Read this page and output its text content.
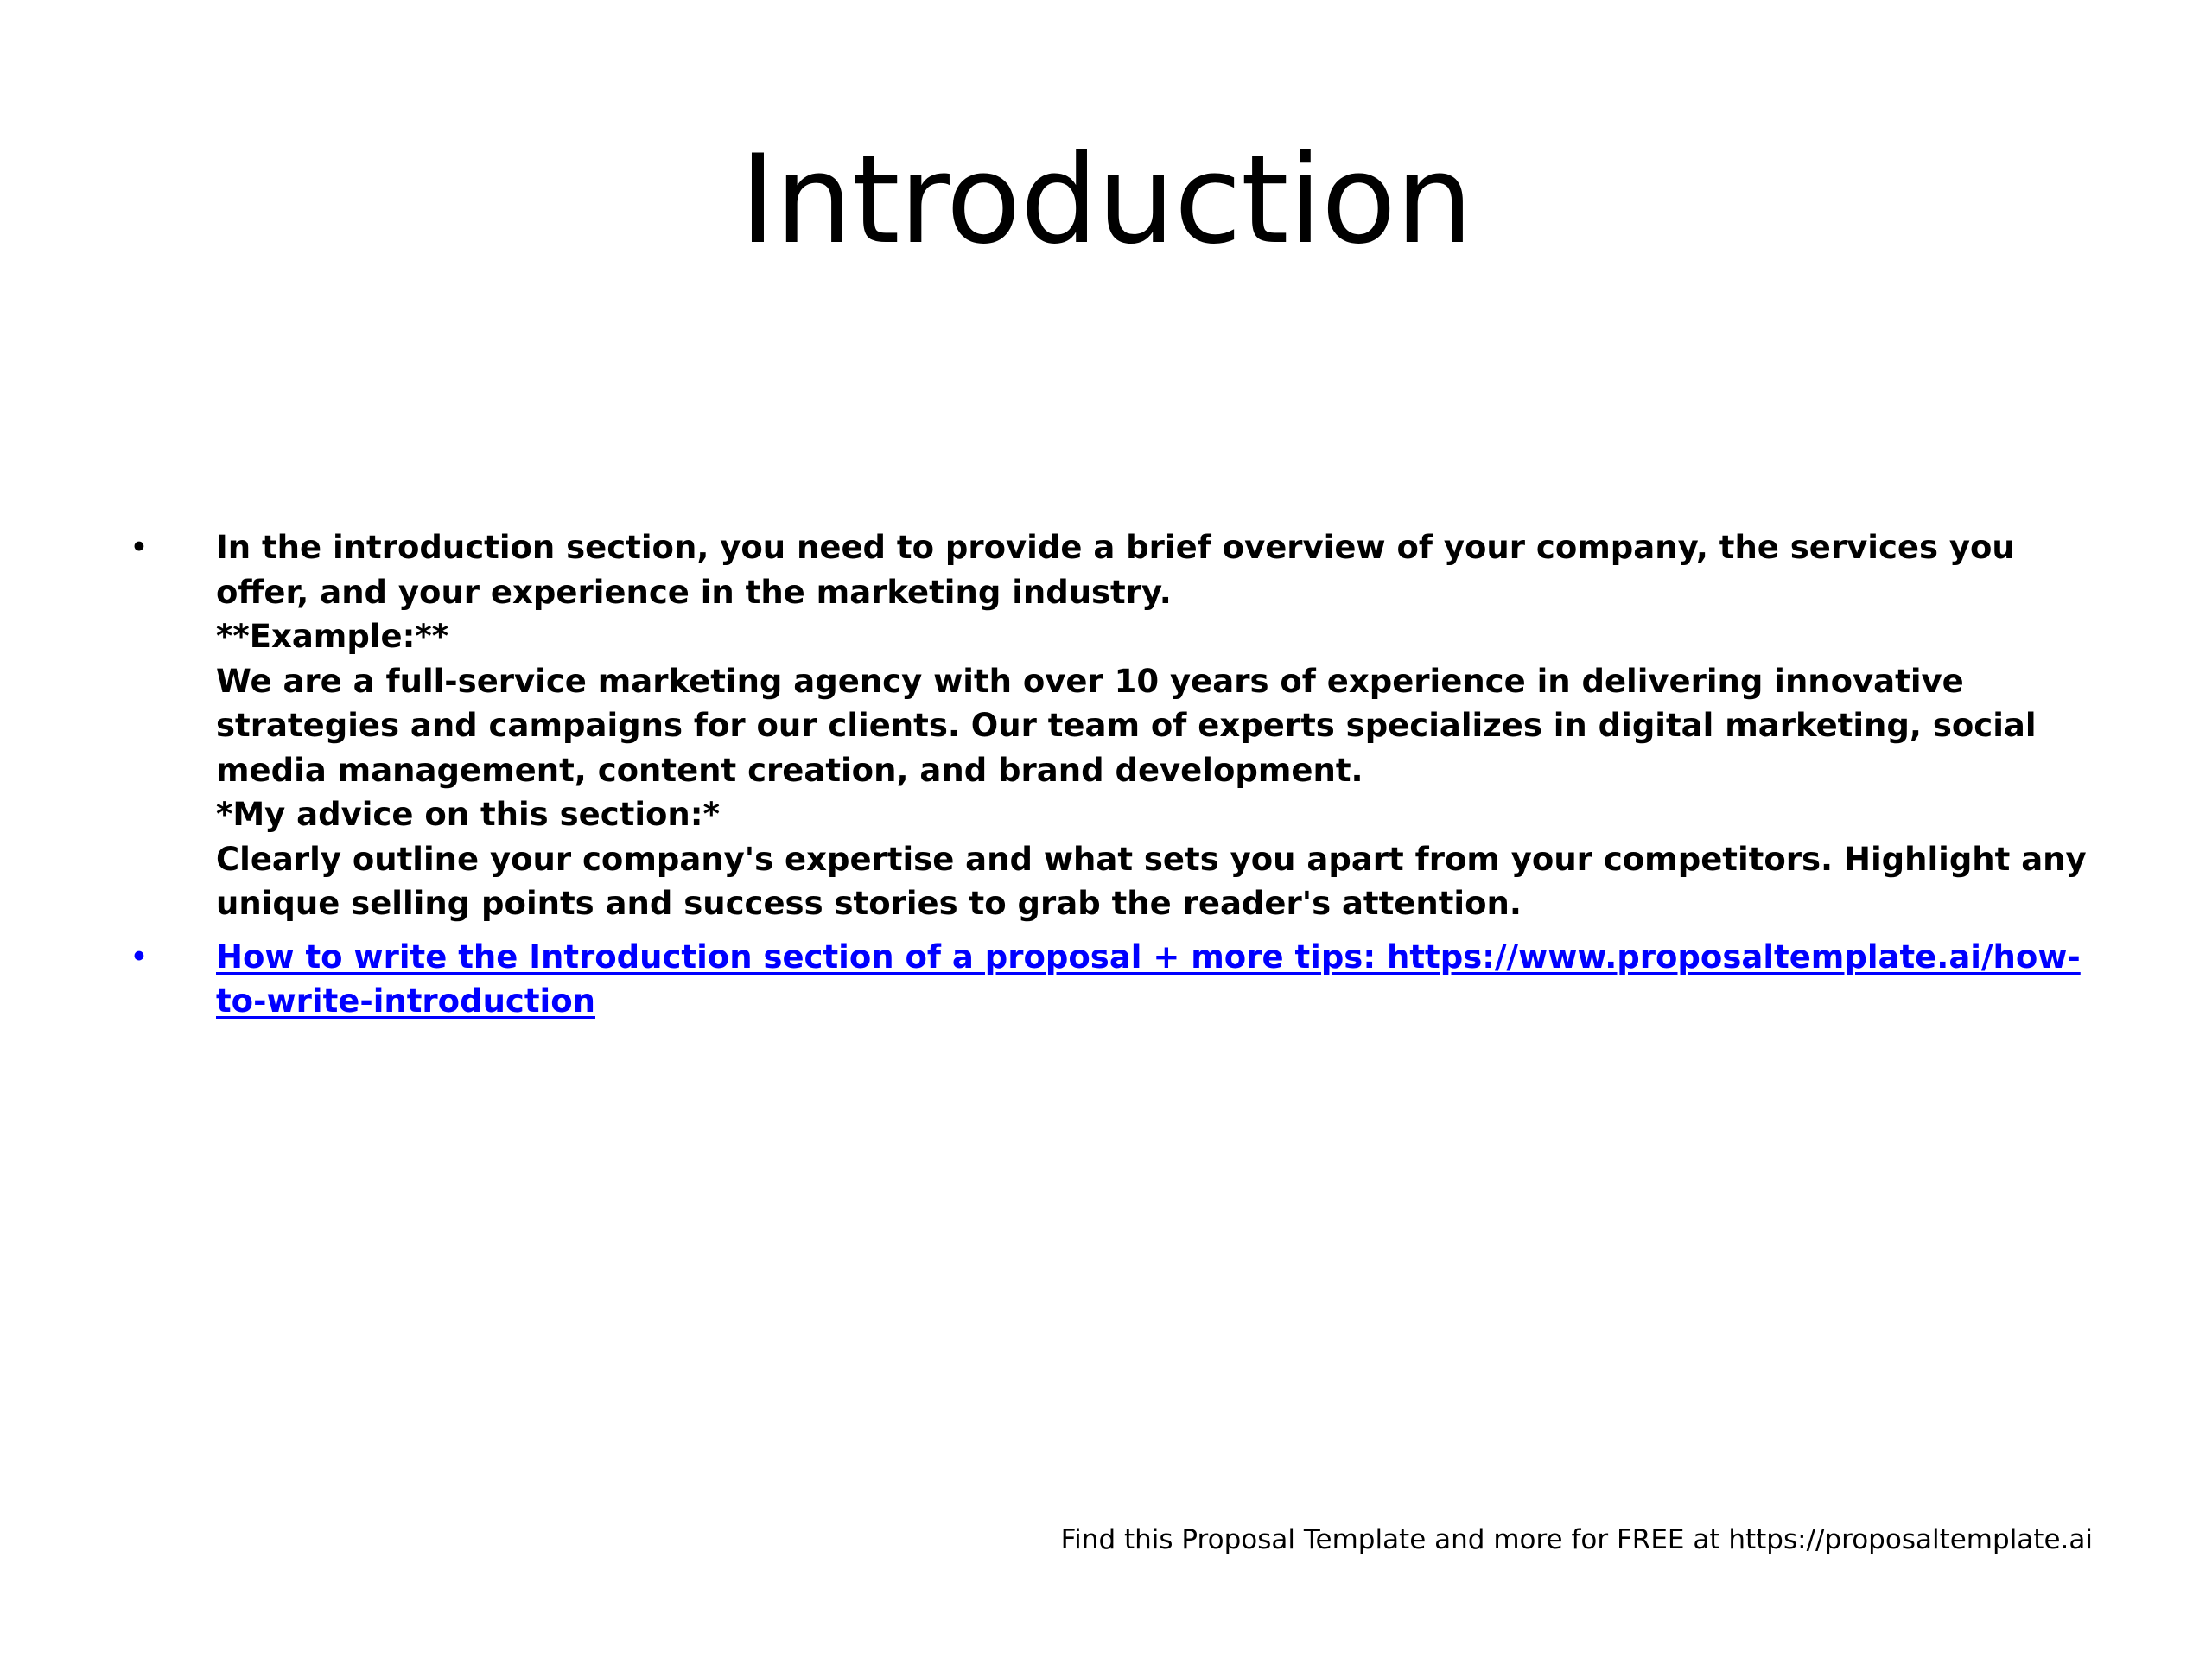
Introduction
•	In the introduction section, you need to provide a brief overview of your company, the services you offer, and your experience in the marketing industry.
**Example:**
We are a full-service marketing agency with over 10 years of experience in delivering innovative strategies and campaigns for our clients. Our team of experts specializes in digital marketing, social media management, content creation, and brand development.
*My advice on this section:*
Clearly outline your company's expertise and what sets you apart from your competitors. Highlight any unique selling points and success stories to grab the reader's attention.
•	How to write the Introduction section of a proposal + more tips: https://www.proposaltemplate.ai/how-to-write-introduction
Find this Proposal Template and more for FREE at https://proposaltemplate.ai
